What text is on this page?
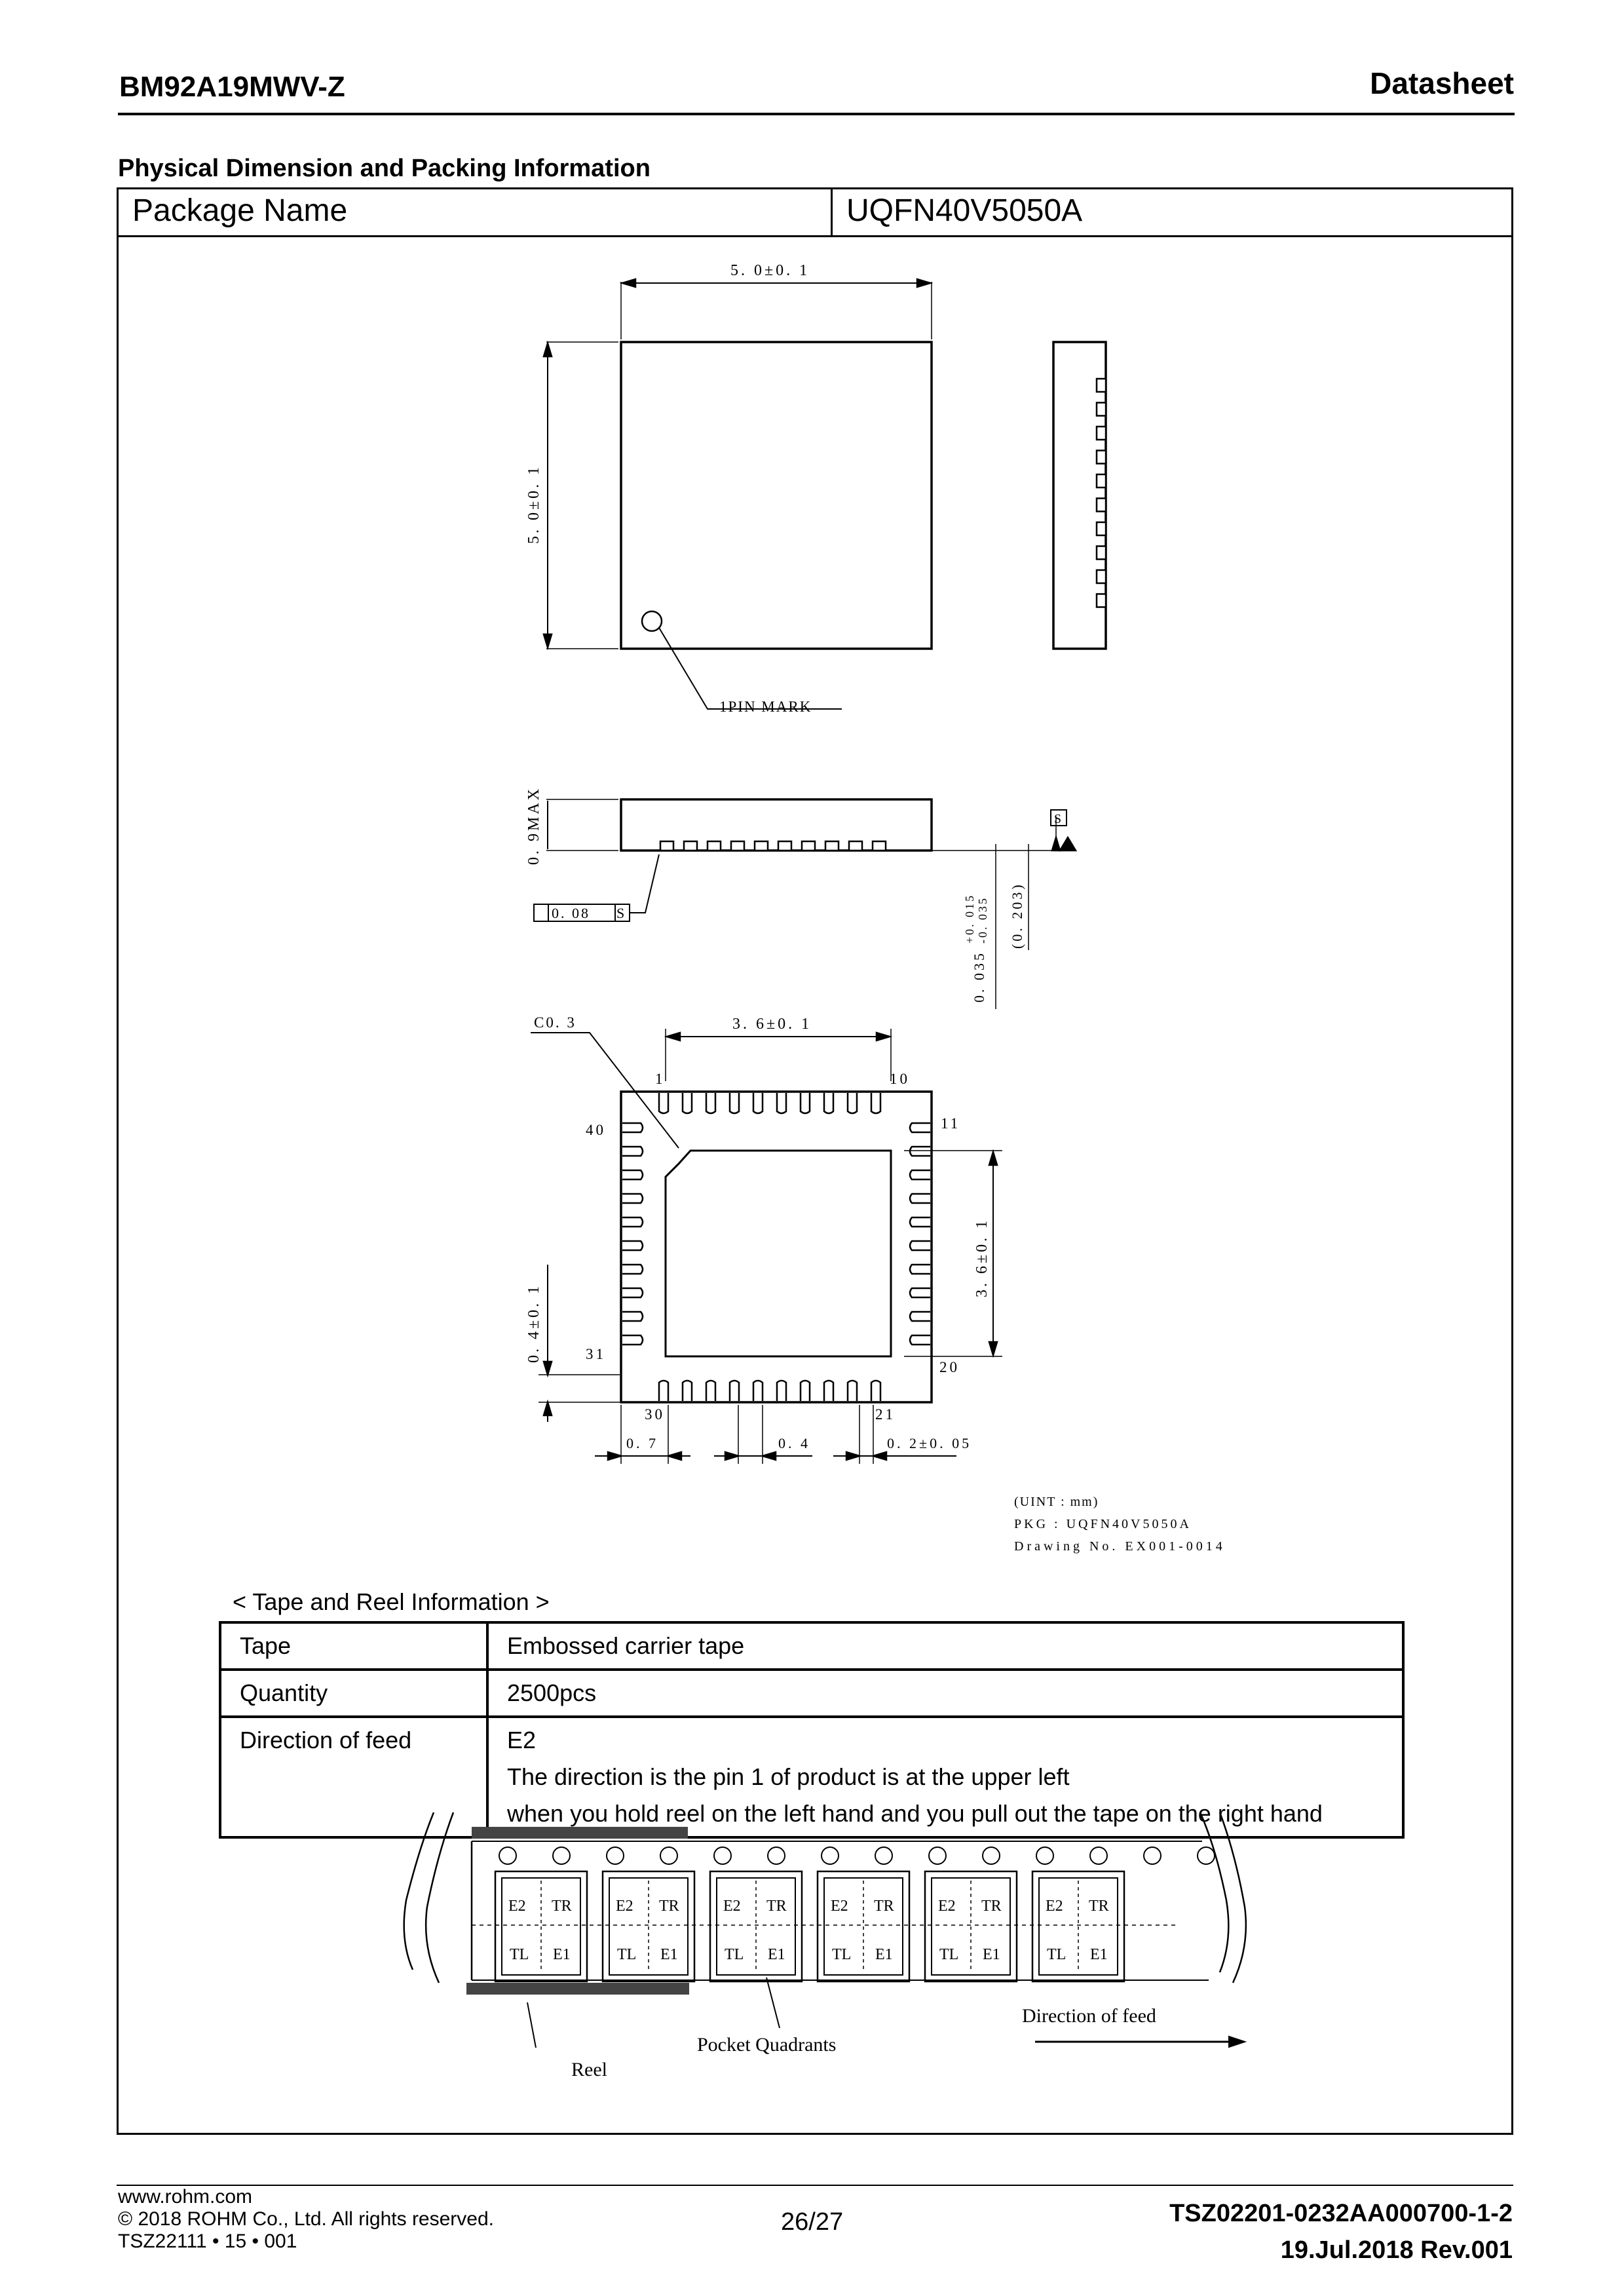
BM92A19MWV-Z	Datasheet
Physical Dimension and Packing Information
Package Name	UQFN40V5050A
5. 0±0. 1
5. 0±0. 1
1PIN MARK
0. 9MAX
0. 08 S
S
0. 035
+0. 015 -0. 035 (0. 203)
C0. 3	3. 6±0. 1
3. 6±0. 1
0. 4±0. 1
1	10
11
20
21
30
31
40
0. 7	0. 4	0. 2±0. 05
(UINT : mm)
PKG : UQFN40V5050A
Drawing No. EX001-0014
< Tape and Reel Information >
Tape	Embossed carrier tape
Quantity	2500pcs
Direction of feed	E2
The direction is the pin 1 of product is at the upper left
when you hold reel on the left hand and you pull out the tape on the right hand
E2 TR
TL E1
E2 TR
TL E1
E2 TR
TL E1
E2 TR
TL E1
E2 TR
TL E1
E2 TR
TL E1
Pocket Quadrants
Reel
Direction of feed
www.rohm.com
© 2018 ROHM Co., Ltd. All rights reserved.
TSZ22111 • 15 • 001
26/27	TSZ02201-0232AA000700-1-2
19.Jul.2018 Rev.001
